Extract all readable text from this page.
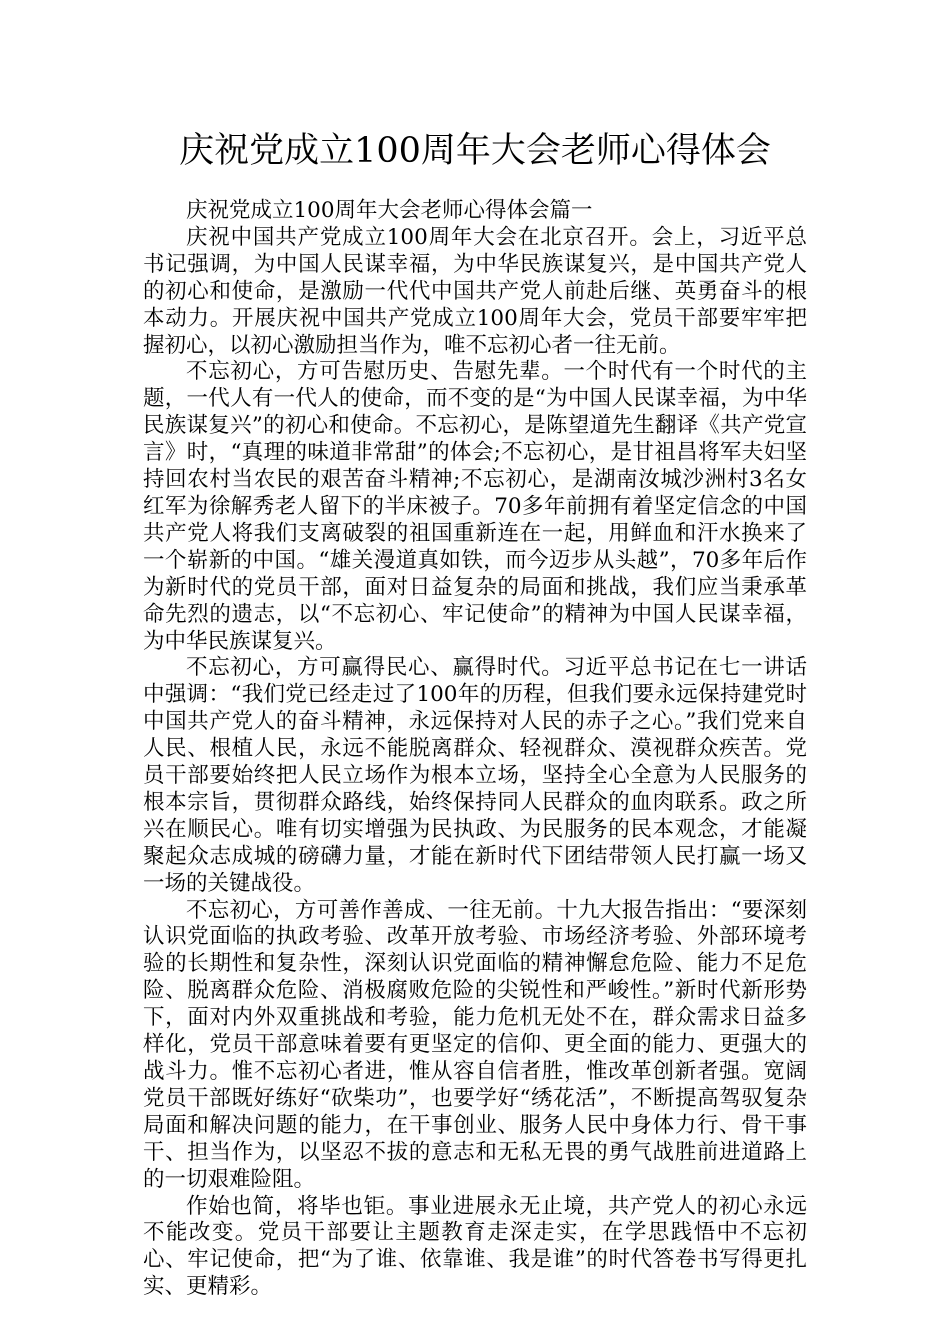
庆祝党成立100周年大会老师心得体会

庆祝党成立100周年大会老师心得体会篇一

庆祝中国共产党成立100周年大会在北京召开。会上，习近平总书记强调，为中国人民谋幸福，为中华民族谋复兴，是中国共产党人的初心和使命，是激励一代代中国共产党人前赴后继、英勇奋斗的根本动力。开展庆祝中国共产党成立100周年大会，党员干部要牢牢把握初心，以初心激励担当作为，唯不忘初心者一往无前。

不忘初心，方可告慰历史、告慰先辈。一个时代有一个时代的主题，一代人有一代人的使命，而不变的是“为中国人民谋幸福，为中华民族谋复兴”的初心和使命。不忘初心，是陈望道先生翻译《共产党宣言》时，“真理的味道非常甜”的体会;不忘初心，是甘祖昌将军夫妇坚持回农村当农民的艰苦奋斗精神;不忘初心，是湖南汝城沙洲村3名女红军为徐解秀老人留下的半床被子。70多年前拥有着坚定信念的中国共产党人将我们支离破裂的祖国重新连在一起，用鲜血和汗水换来了一个崭新的中国。“雄关漫道真如铁，而今迈步从头越”，70多年后作为新时代的党员干部，面对日益复杂的局面和挑战，我们应当秉承革命先烈的遗志，以“不忘初心、牢记使命”的精神为中国人民谋幸福，为中华民族谋复兴。

不忘初心，方可赢得民心、赢得时代。习近平总书记在七一讲话中强调：“我们党已经走过了100年的历程，但我们要永远保持建党时中国共产党人的奋斗精神，永远保持对人民的赤子之心。”我们党来自人民、根植人民，永远不能脱离群众、轻视群众、漠视群众疾苦。党员干部要始终把人民立场作为根本立场，坚持全心全意为人民服务的根本宗旨，贯彻群众路线，始终保持同人民群众的血肉联系。政之所兴在顺民心。唯有切实增强为民执政、为民服务的民本观念，才能凝聚起众志成城的磅礴力量，才能在新时代下团结带领人民打赢一场又一场的关键战役。

不忘初心，方可善作善成、一往无前。十九大报告指出：“要深刻认识党面临的执政考验、改革开放考验、市场经济考验、外部环境考验的长期性和复杂性，深刻认识党面临的精神懈怠危险、能力不足危险、脱离群众危险、消极腐败危险的尖锐性和严峻性。”新时代新形势下，面对内外双重挑战和考验，能力危机无处不在，群众需求日益多样化，党员干部意味着要有更坚定的信仰、更全面的能力、更强大的战斗力。惟不忘初心者进，惟从容自信者胜，惟改革创新者强。宽阔党员干部既好练好“砍柴功”，也要学好“绣花活”，不断提高驾驭复杂局面和解决问题的能力，在干事创业、服务人民中身体力行、骨干事干、担当作为，以坚忍不拔的意志和无私无畏的勇气战胜前进道路上的一切艰难险阻。

作始也简，将毕也钜。事业进展永无止境，共产党人的初心永远不能改变。党员干部要让主题教育走深走实，在学思践悟中不忘初心、牢记使命，把“为了谁、依靠谁、我是谁”的时代答卷书写得更扎实、更精彩。
